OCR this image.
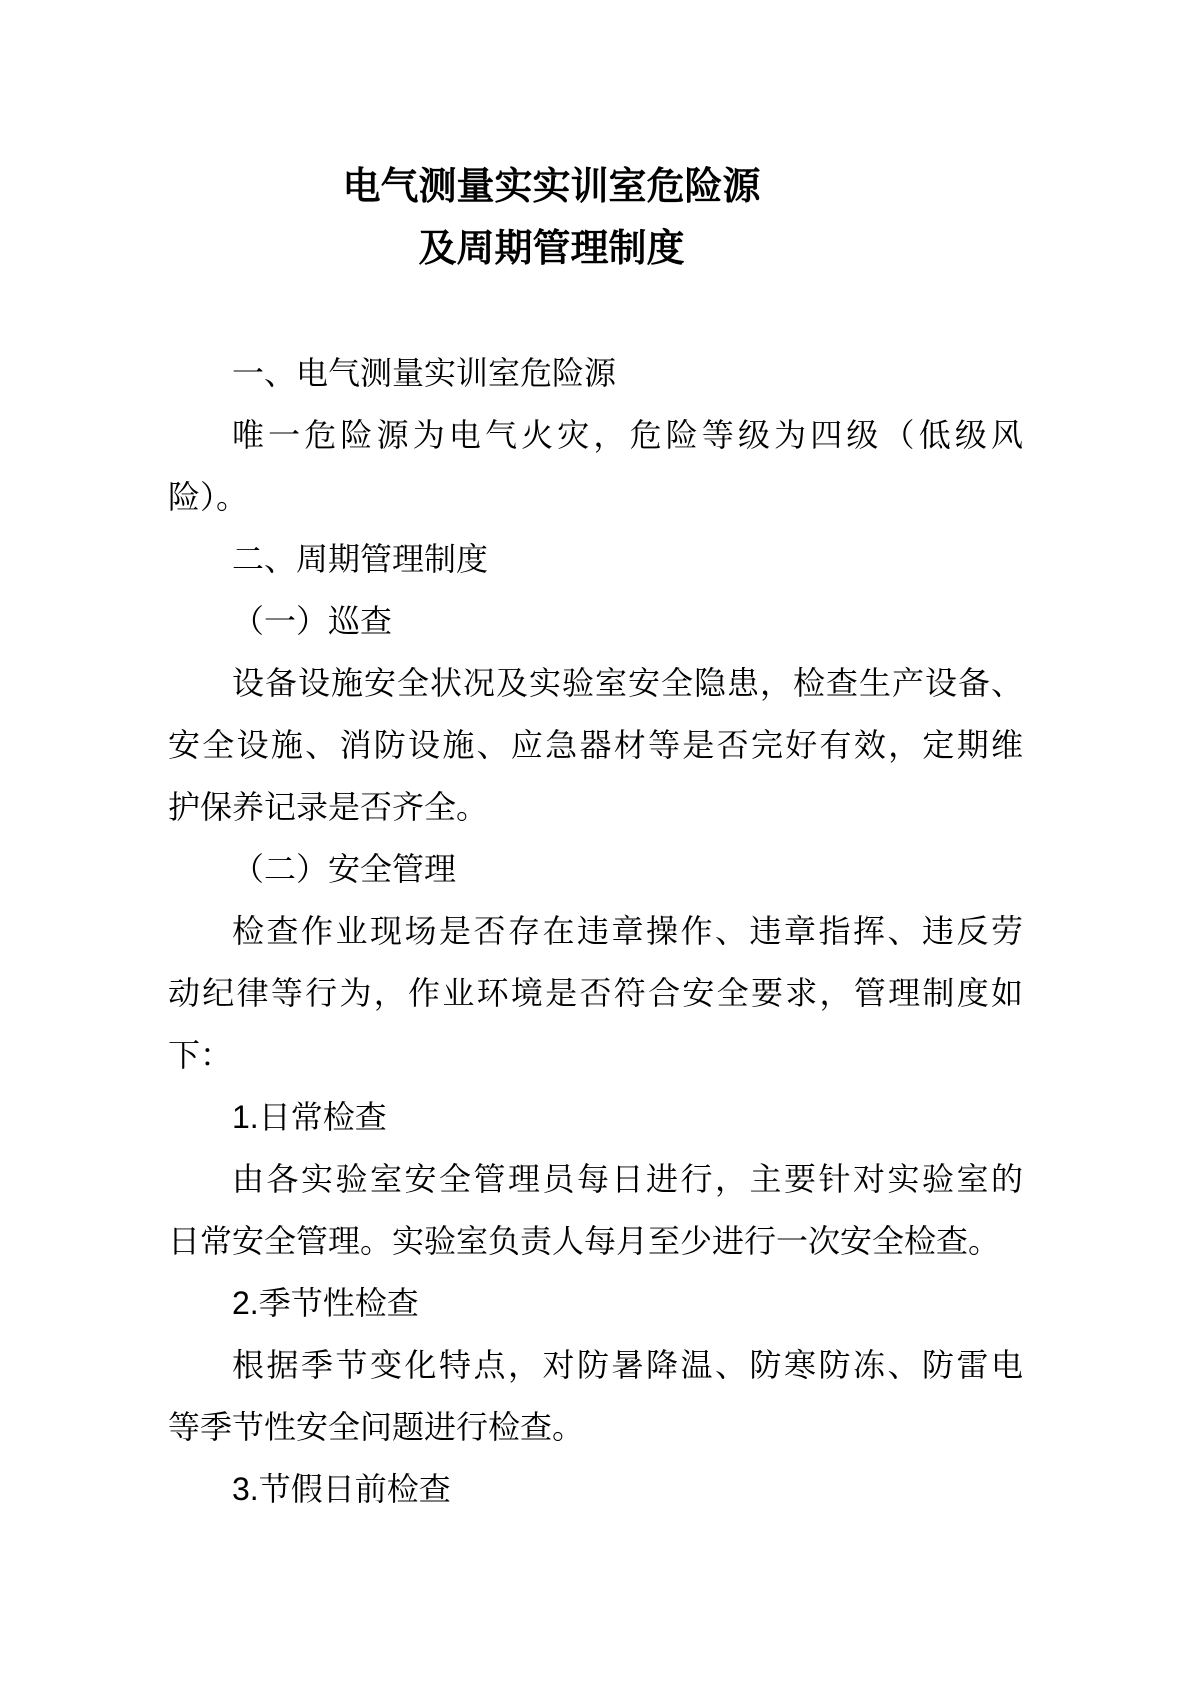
电气测量实实训室危险源
及周期管理制度
一、电气测量实训室危险源
唯一危险源为电气火灾，危险等级为四级（低级风
险）。
二、周期管理制度
（一）巡查
设备设施安全状况及实验室安全隐患，检查生产设备、
安全设施、消防设施、应急器材等是否完好有效，定期维
护保养记录是否齐全。
（二）安全管理
检查作业现场是否存在违章操作、违章指挥、违反劳
动纪律等行为，作业环境是否符合安全要求，管理制度如
下：
1.日常检查
由各实验室安全管理员每日进行，主要针对实验室的
日常安全管理。实验室负责人每月至少进行一次安全检查。
2.季节性检查
根据季节变化特点，对防暑降温、防寒防冻、防雷电
等季节性安全问题进行检查。
3.节假日前检查
